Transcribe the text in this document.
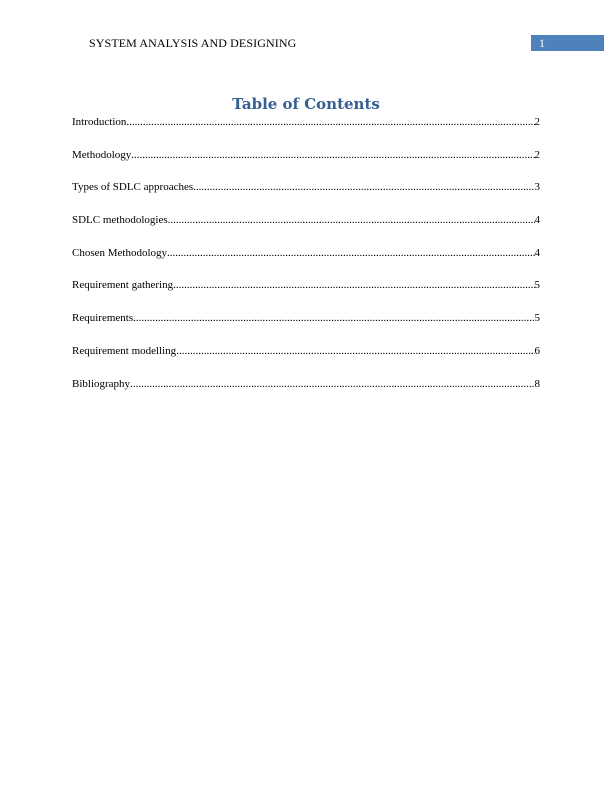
SYSTEM ANALYSIS AND DESIGNING	1
Table of Contents
Introduction .....	2
Methodology .....	2
Types of SDLC approaches .....	3
SDLC methodologies .....	4
Chosen Methodology .....	4
Requirement gathering .....	5
Requirements .....	5
Requirement modelling .....	6
Bibliography .....	8
